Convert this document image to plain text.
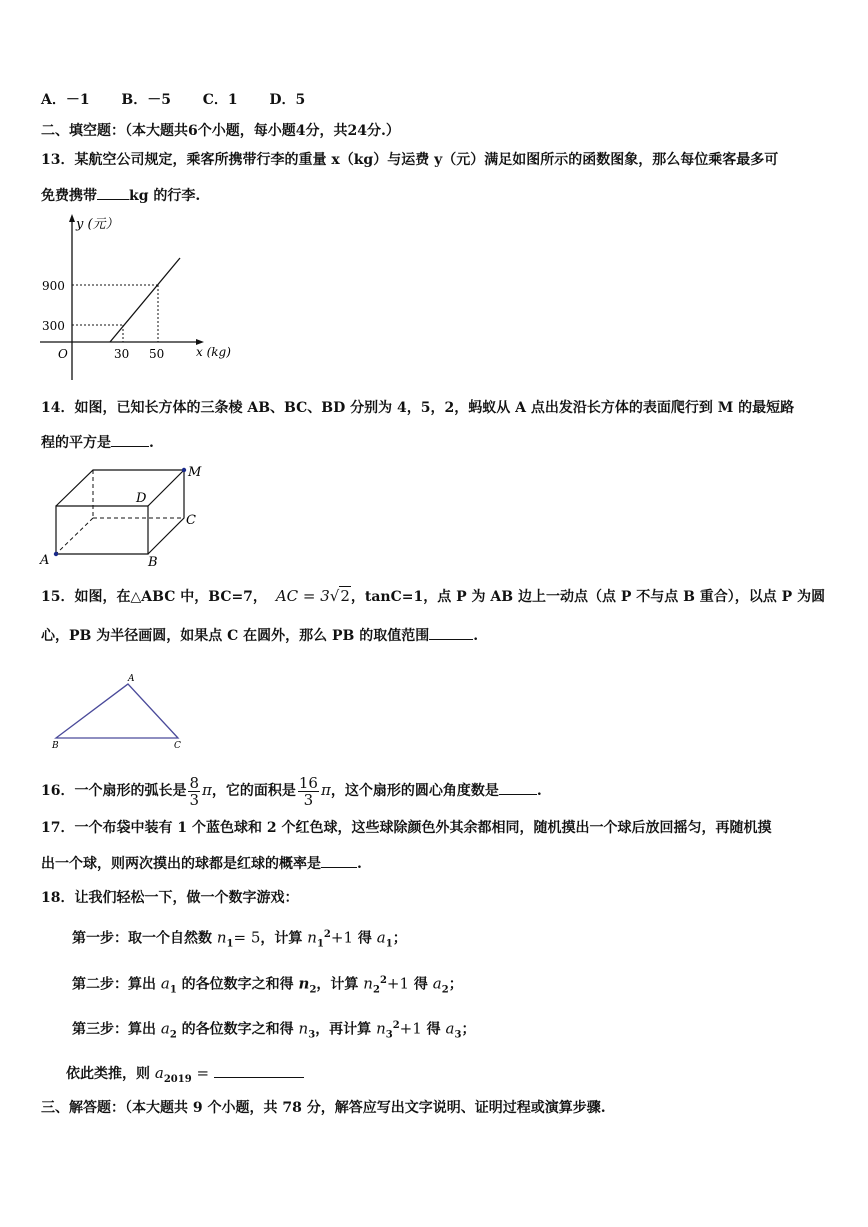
A．－1 B．－5 C．1 D．5
二、填空题：（本大题共6个小题，每小题4分，共24分.）
13．某航空公司规定，乘客所携带行李的重量 x（kg）与运费 y（元）满足如图所示的函数图象，那么每位乘客最多可
免费携带 kg 的行李.
y (元）
900
300
O	30 50	x (kg)
14．如图，已知长方体的三条棱 AB、BC、BD 分别为 4，5，2，蚂蚁从 A 点出发沿长方体的表面爬行到 M 的最短路
程的平方是	.
A	B
C
D
M
15．如图，在△ABC 中，BC=7， AC = 3√2，tanC=1，点 P 为 AB 边上一动点（点 P 不与点 B 重合），以点 P 为圆
心，PB 为半径画圆，如果点 C 在圆外，那么 PB 的取值范围	.
A
B	C
16．一个扇形的弧长是 $\frac{8}{3}$ π，它的面积是 $\frac{16}{3}$ π，这个扇形的圆心角度数是	.
17．一个布袋中装有 1 个蓝色球和 2 个红色球，这些球除颜色外其余都相同，随机摸出一个球后放回摇匀，再随机摸
出一个球，则两次摸出的球都是红球的概率是	.
18．让我们轻松一下，做一个数字游戏：
第一步：取一个自然数 $n_1= 5$，计算 $n_1^2+1$ 得 $a_1$；
第二步：算出 $a_1$ 的各位数字之和得 $n_2$，计算 $n_2^2+1$ 得 $a_2$；
第三步：算出 $a_2$ 的各位数字之和得 $n_3$，再计算 $n_3^2+1$ 得 $a_3$；
依此类推，则 $a_{2019}$ =
三、解答题：（本大题共 9 个小题，共 78 分，解答应写出文字说明、证明过程或演算步骤.
